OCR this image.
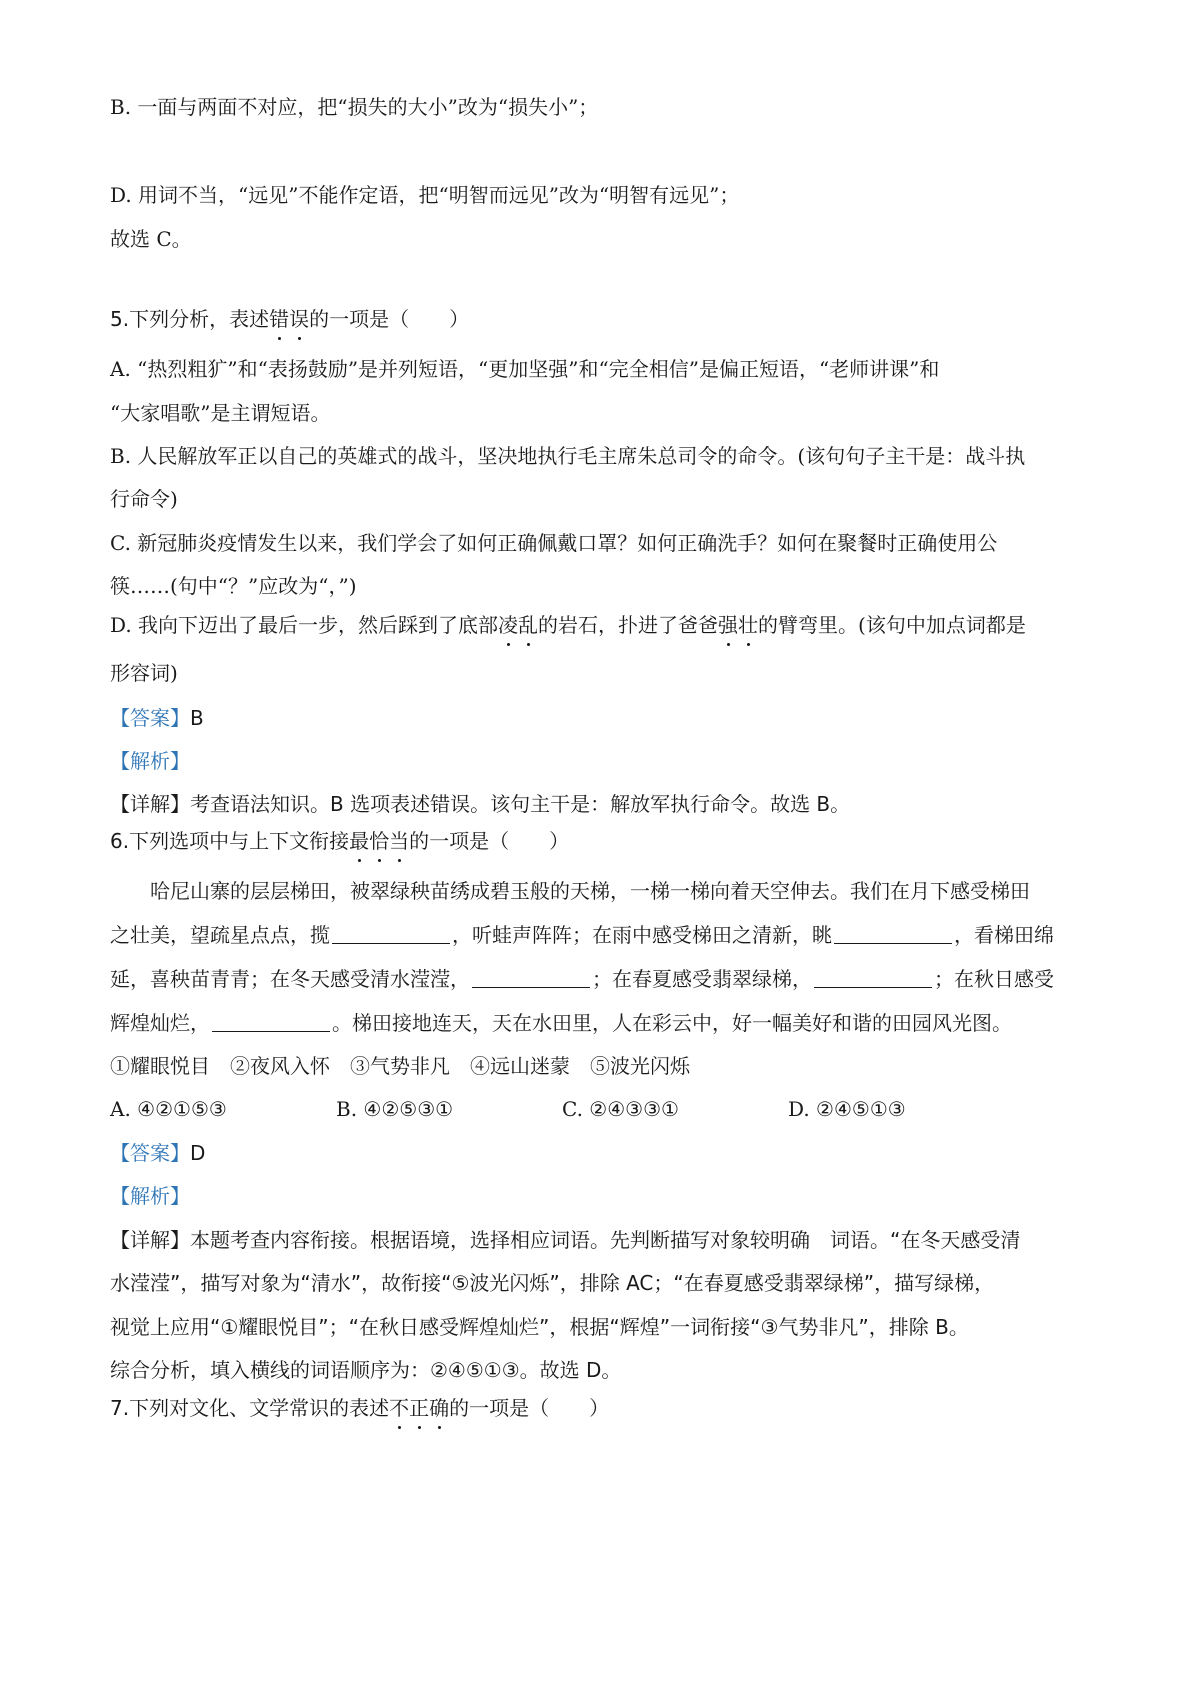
B. 一面与两面不对应，把“损失的大小”改为“损失小”；
D. 用词不当，“远见”不能作定语，把“明智而远见”改为“明智有远见”；
故选 C。
5.下列分析，表述错误的一项是（　　）
A. “热烈粗犷”和“表扬鼓励”是并列短语，“更加坚强”和“完全相信”是偏正短语，“老师讲课”和
“大家唱歌”是主谓短语。
B. 人民解放军正以自己的英雄式的战斗，坚决地执行毛主席朱总司令的命令。(该句句子主干是：战斗执
行命令)
C. 新冠肺炎疫情发生以来，我们学会了如何正确佩戴口罩？如何正确洗手？如何在聚餐时正确使用公
筷……(句中“？”应改为“，”)
D. 我向下迈出了最后一步，然后踩到了底部凌乱的岩石，扑进了爸爸强壮的臂弯里。(该句中加点词都是
形容词)
【答案】B
【解析】
【详解】考查语法知识。B 选项表述错误。该句主干是：解放军执行命令。故选 B。
6.下列选项中与上下文衔接最恰当的一项是（　　）
哈尼山寨的层层梯田，被翠绿秧苗绣成碧玉般的天梯，一梯一梯向着天空伸去。我们在月下感受梯田
之壮美，望疏星点点，揽	，听蛙声阵阵；在雨中感受梯田之清新，眺	，看梯田绵
延，喜秧苗青青；在冬天感受清水滢滢，	；在春夏感受翡翠绿梯，	；在秋日感受
辉煌灿烂，	。梯田接地连天，天在水田里，人在彩云中，好一幅美好和谐的田园风光图。
①耀眼悦目　②夜风入怀　③气势非凡　④远山迷蒙　⑤波光闪烁
A. ④②①⑤③	B. ④②⑤③①	C. ②④③③①	D. ②④⑤①③
【答案】D
【解析】
【详解】本题考查内容衔接。根据语境，选择相应词语。先判断描写对象较明确　词语。“在冬天感受清
水滢滢”，描写对象为“清水”，故衔接“⑤波光闪烁”，排除 AC；“在春夏感受翡翠绿梯”，描写绿梯，
视觉上应用“①耀眼悦目”；“在秋日感受辉煌灿烂”，根据“辉煌”一词衔接“③气势非凡”，排除 B。
综合分析，填入横线的词语顺序为：②④⑤①③。故选 D。
7.下列对文化、文学常识的表述不正确的一项是（　　）
